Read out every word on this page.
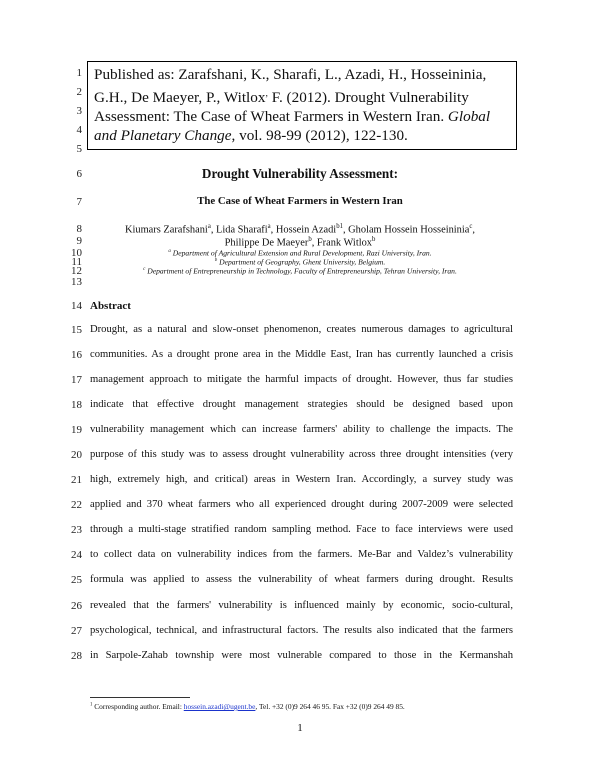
1
2
3
4
5
6
7
8
9
10
11
12
13
14
15
16
17
18
19
20
21
22
23
24
25
26
27
28
Published as: Zarafshani, K., Sharafi, L., Azadi, H., Hosseininia, G.H., De Maeyer, P., Witlox, F. (2012). Drought Vulnerability Assessment: The Case of Wheat Farmers in Western Iran. Global and Planetary Change, vol. 98-99 (2012), 122-130.
Drought Vulnerability Assessment:
The Case of Wheat Farmers in Western Iran
Kiumars Zarafshani$^a$, Lida Sharafi$^a$, Hossein Azadi$^{b1}$, Gholam Hossein Hosseininia$^c$,
Philippe De Maeyer$^b$, Frank Witlox$^b$
$^a$ Department of Agricultural Extension and Rural Development, Razi University, Iran.
$^b$ Department of Geography, Ghent University, Belgium.
$^c$ Department of Entrepreneurship in Technology, Faculty of Entrepreneurship, Tehran University, Iran.
Abstract
Drought, as a natural and slow-onset phenomenon, creates numerous damages to agricultural
communities. As a drought prone area in the Middle East, Iran has currently launched a crisis
management approach to mitigate the harmful impacts of drought. However, thus far studies
indicate that effective drought management strategies should be designed based upon
vulnerability management which can increase farmers' ability to challenge the impacts. The
purpose of this study was to assess drought vulnerability across three drought intensities (very
high, extremely high, and critical) areas in Western Iran. Accordingly, a survey study was
applied and 370 wheat farmers who all experienced drought during 2007-2009 were selected
through a multi-stage stratified random sampling method. Face to face interviews were used
to collect data on vulnerability indices from the farmers. Me-Bar and Valdez’s vulnerability
formula was applied to assess the vulnerability of wheat farmers during drought. Results
revealed that the farmers' vulnerability is influenced mainly by economic, socio-cultural,
psychological, technical, and infrastructural factors. The results also indicated that the farmers
in Sarpole-Zahab township were most vulnerable compared to those in the Kermanshah
$^1$ Corresponding author. Email: hossein.azadi@ugent.be, Tel. +32 (0)9 264 46 95. Fax +32 (0)9 264 49 85.
1
